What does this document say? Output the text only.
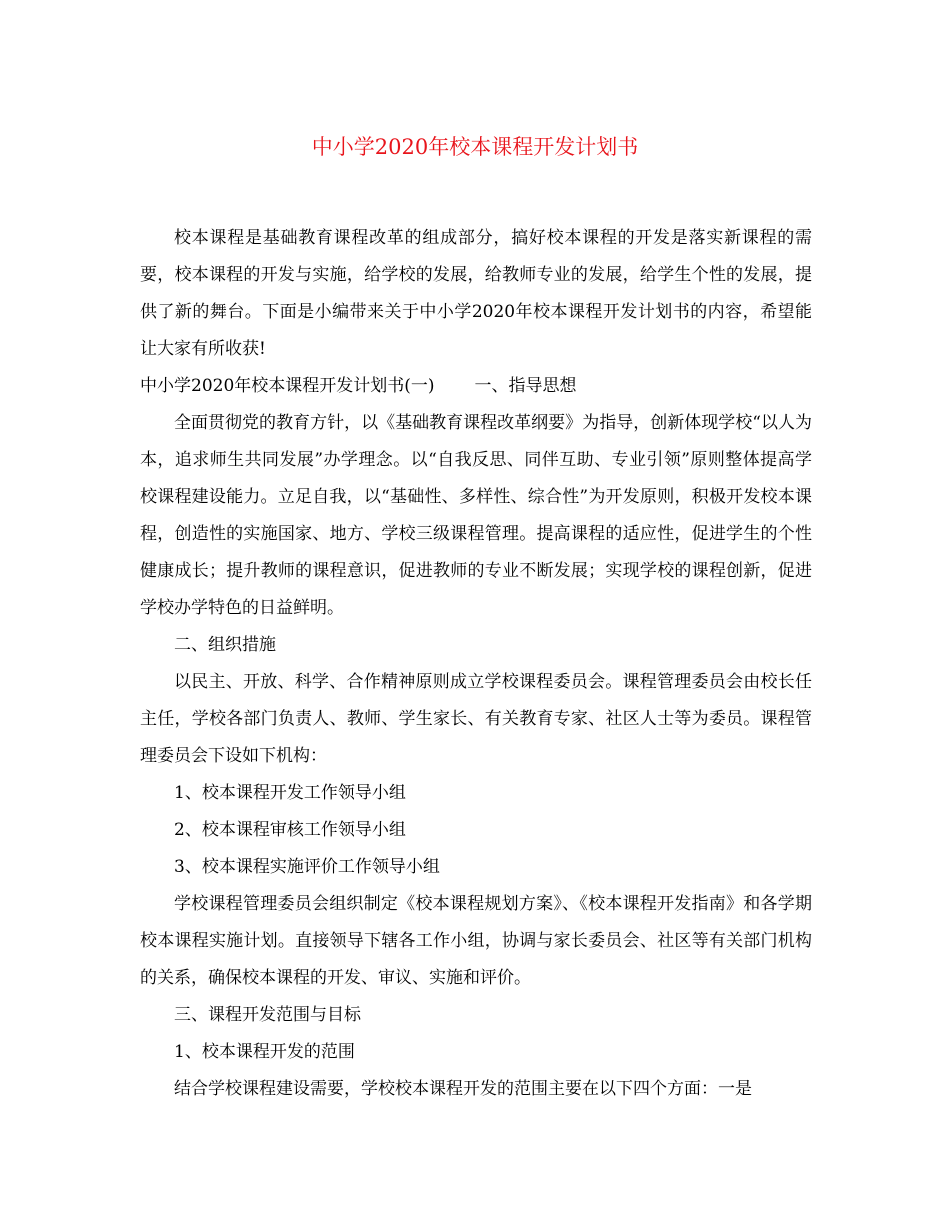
中小学2020年校本课程开发计划书

校本课程是基础教育课程改革的组成部分，搞好校本课程的开发是落实新课程的需要，校本课程的开发与实施，给学校的发展，给教师专业的发展，给学生个性的发展，提供了新的舞台。下面是小编带来关于中小学2020年校本课程开发计划书的内容，希望能让大家有所收获!

中小学2020年校本课程开发计划书(一) 一、指导思想

全面贯彻党的教育方针，以《基础教育课程改革纲要》为指导，创新体现学校“以人为本，追求师生共同发展”办学理念。以“自我反思、同伴互助、专业引领”原则整体提高学校课程建设能力。立足自我，以“基础性、多样性、综合性”为开发原则，积极开发校本课程，创造性的实施国家、地方、学校三级课程管理。提高课程的适应性，促进学生的个性健康成长；提升教师的课程意识，促进教师的专业不断发展；实现学校的课程创新，促进学校办学特色的日益鲜明。

二、组织措施

以民主、开放、科学、合作精神原则成立学校课程委员会。课程管理委员会由校长任主任，学校各部门负责人、教师、学生家长、有关教育专家、社区人士等为委员。课程管理委员会下设如下机构：

1、校本课程开发工作领导小组

2、校本课程审核工作领导小组

3、校本课程实施评价工作领导小组

学校课程管理委员会组织制定《校本课程规划方案》、《校本课程开发指南》和各学期校本课程实施计划。直接领导下辖各工作小组，协调与家长委员会、社区等有关部门机构的关系，确保校本课程的开发、审议、实施和评价。

三、课程开发范围与目标

1、校本课程开发的范围

结合学校课程建设需要，学校校本课程开发的范围主要在以下四个方面：一是
